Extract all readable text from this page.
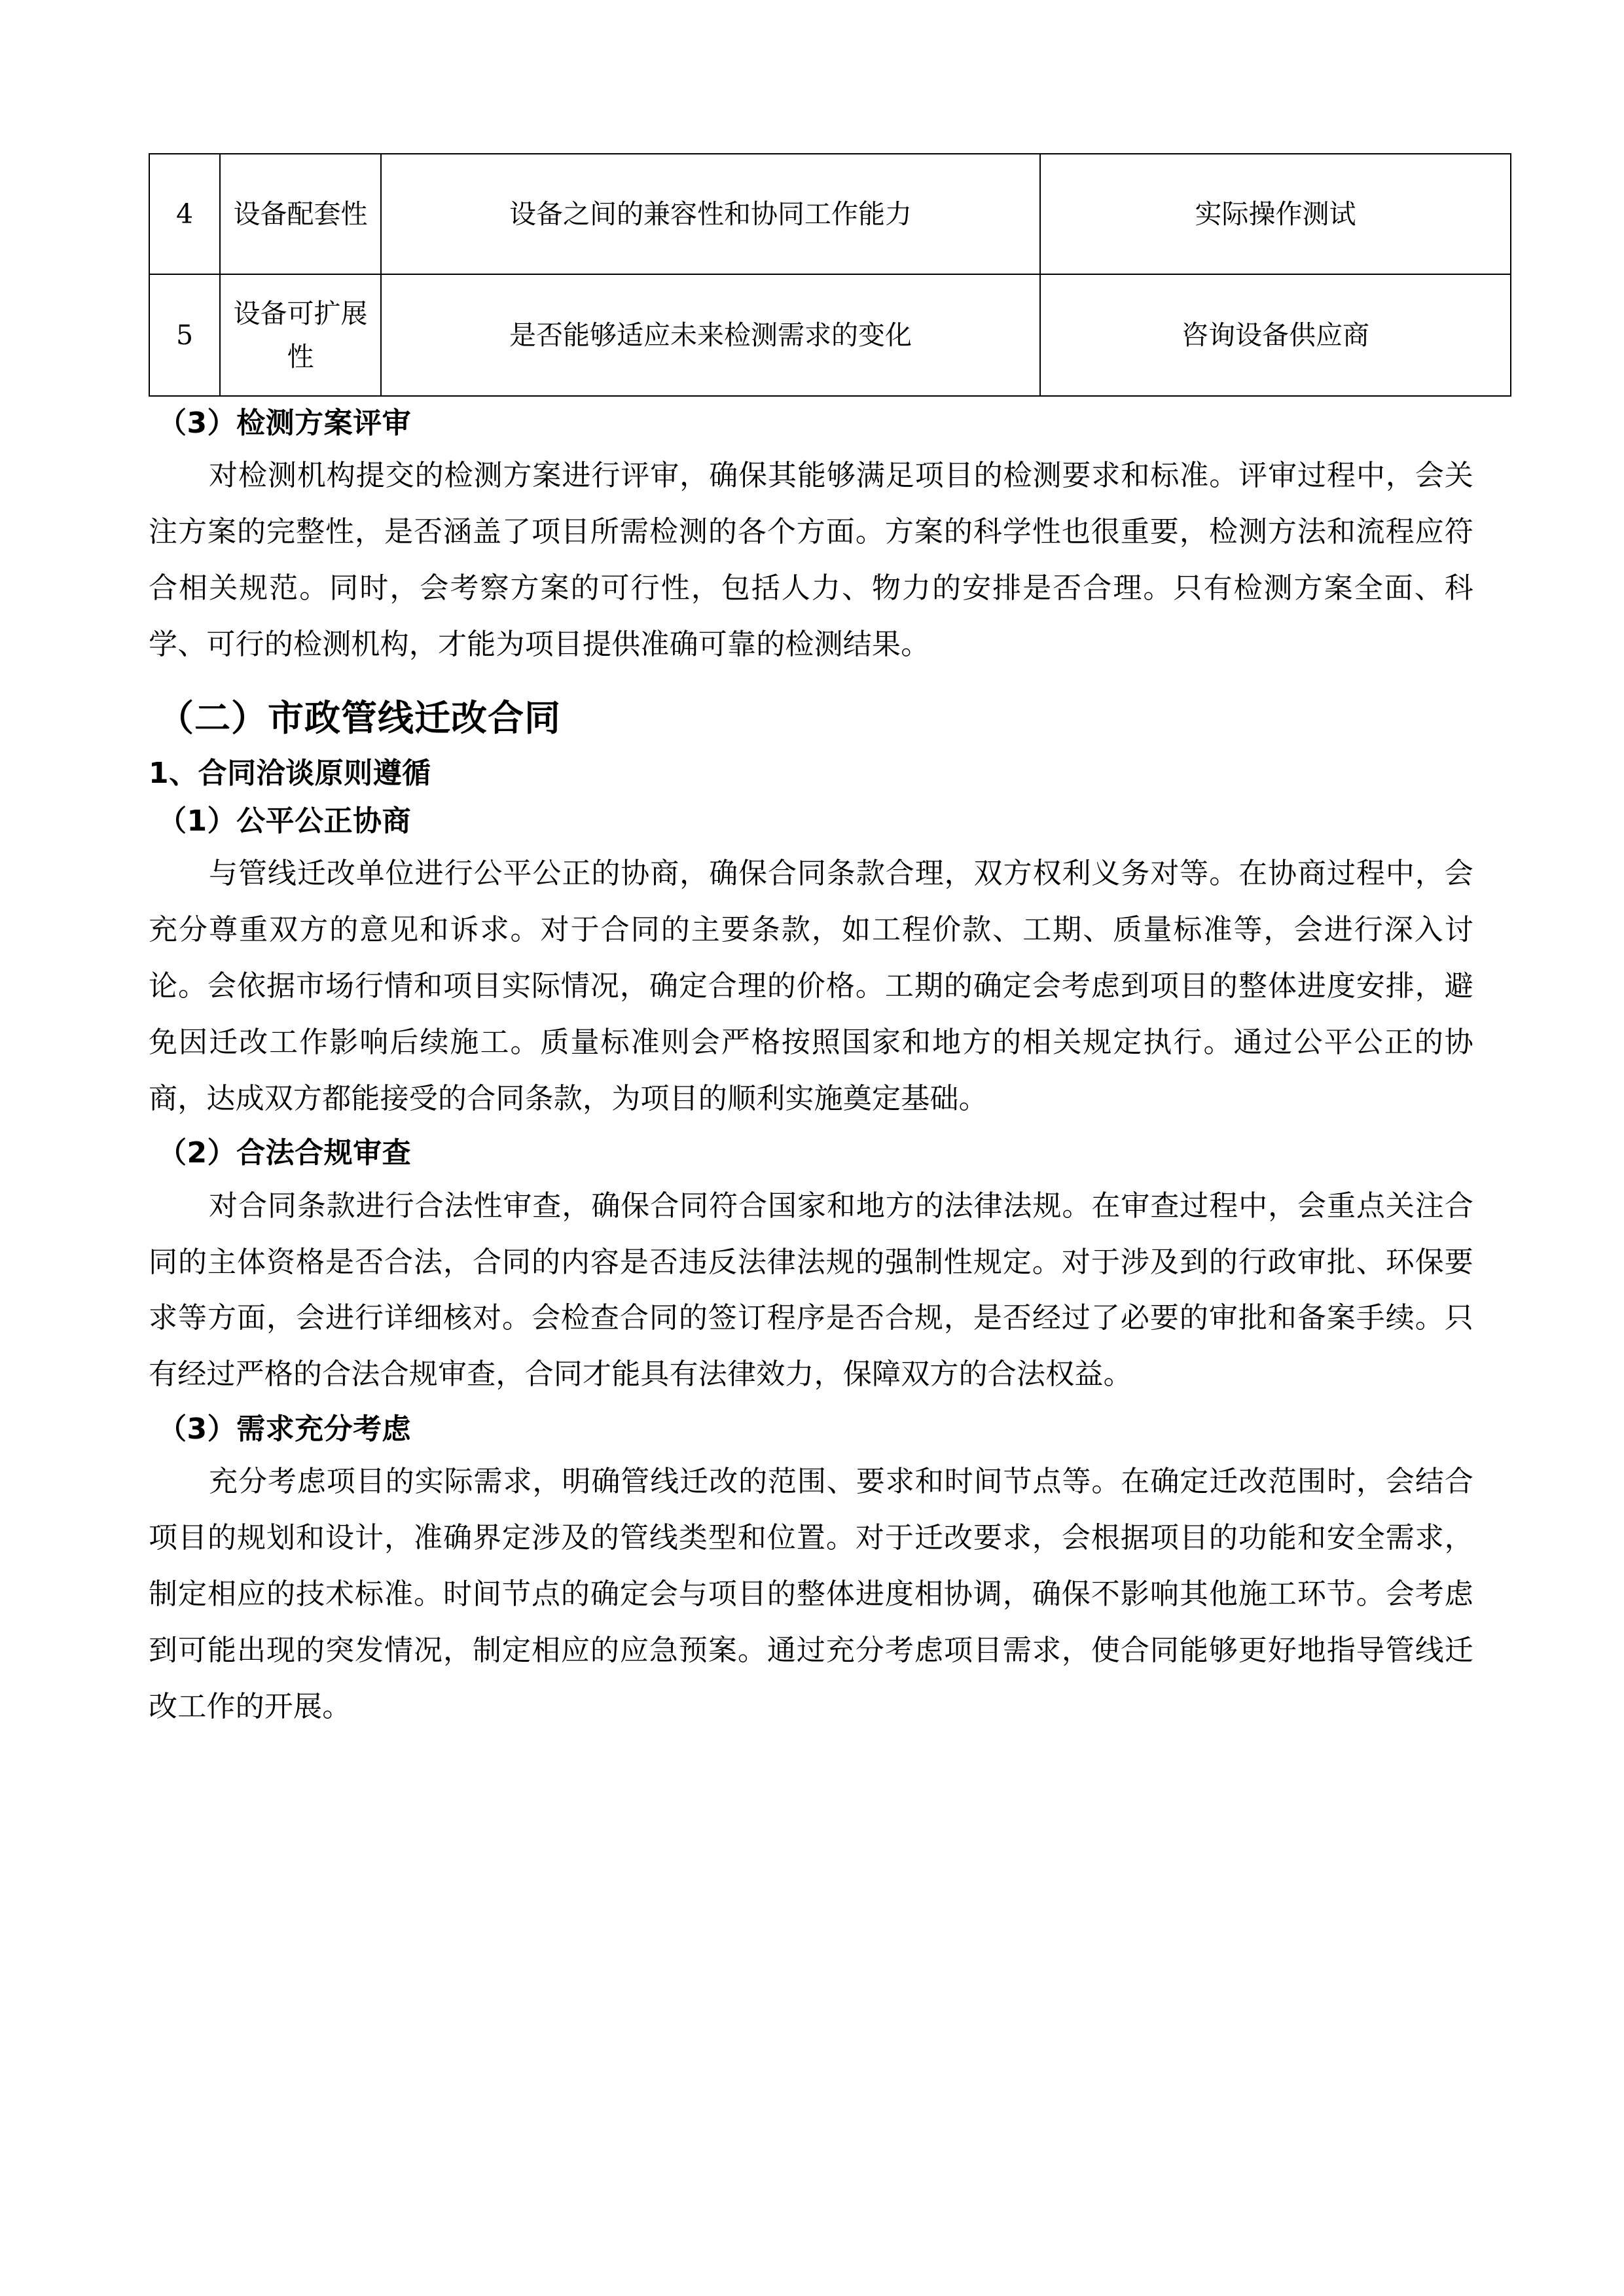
4	设备配套性	设备之间的兼容性和协同工作能力	实际操作测试
5	设备可扩展性	是否能够适应未来检测需求的变化	咨询设备供应商
（3）检测方案评审

对检测机构提交的检测方案进行评审，确保其能够满足项目的检测要求和标准。评审过程中，会关注方案的完整性，是否涵盖了项目所需检测的各个方面。方案的科学性也很重要，检测方法和流程应符合相关规范。同时，会考察方案的可行性，包括人力、物力的安排是否合理。只有检测方案全面、科学、可行的检测机构，才能为项目提供准确可靠的检测结果。

（二）市政管线迁改合同
1、合同洽谈原则遵循
（1）公平公正协商

与管线迁改单位进行公平公正的协商，确保合同条款合理，双方权利义务对等。在协商过程中，会充分尊重双方的意见和诉求。对于合同的主要条款，如工程价款、工期、质量标准等，会进行深入讨论。会依据市场行情和项目实际情况，确定合理的价格。工期的确定会考虑到项目的整体进度安排，避免因迁改工作影响后续施工。质量标准则会严格按照国家和地方的相关规定执行。通过公平公正的协商，达成双方都能接受的合同条款，为项目的顺利实施奠定基础。

（2）合法合规审查

对合同条款进行合法性审查，确保合同符合国家和地方的法律法规。在审查过程中，会重点关注合同的主体资格是否合法，合同的内容是否违反法律法规的强制性规定。对于涉及到的行政审批、环保要求等方面，会进行详细核对。会检查合同的签订程序是否合规，是否经过了必要的审批和备案手续。只有经过严格的合法合规审查，合同才能具有法律效力，保障双方的合法权益。

（3）需求充分考虑

充分考虑项目的实际需求，明确管线迁改的范围、要求和时间节点等。在确定迁改范围时，会结合项目的规划和设计，准确界定涉及的管线类型和位置。对于迁改要求，会根据项目的功能和安全需求，制定相应的技术标准。时间节点的确定会与项目的整体进度相协调，确保不影响其他施工环节。会考虑到可能出现的突发情况，制定相应的应急预案。通过充分考虑项目需求，使合同能够更好地指导管线迁改工作的开展。
